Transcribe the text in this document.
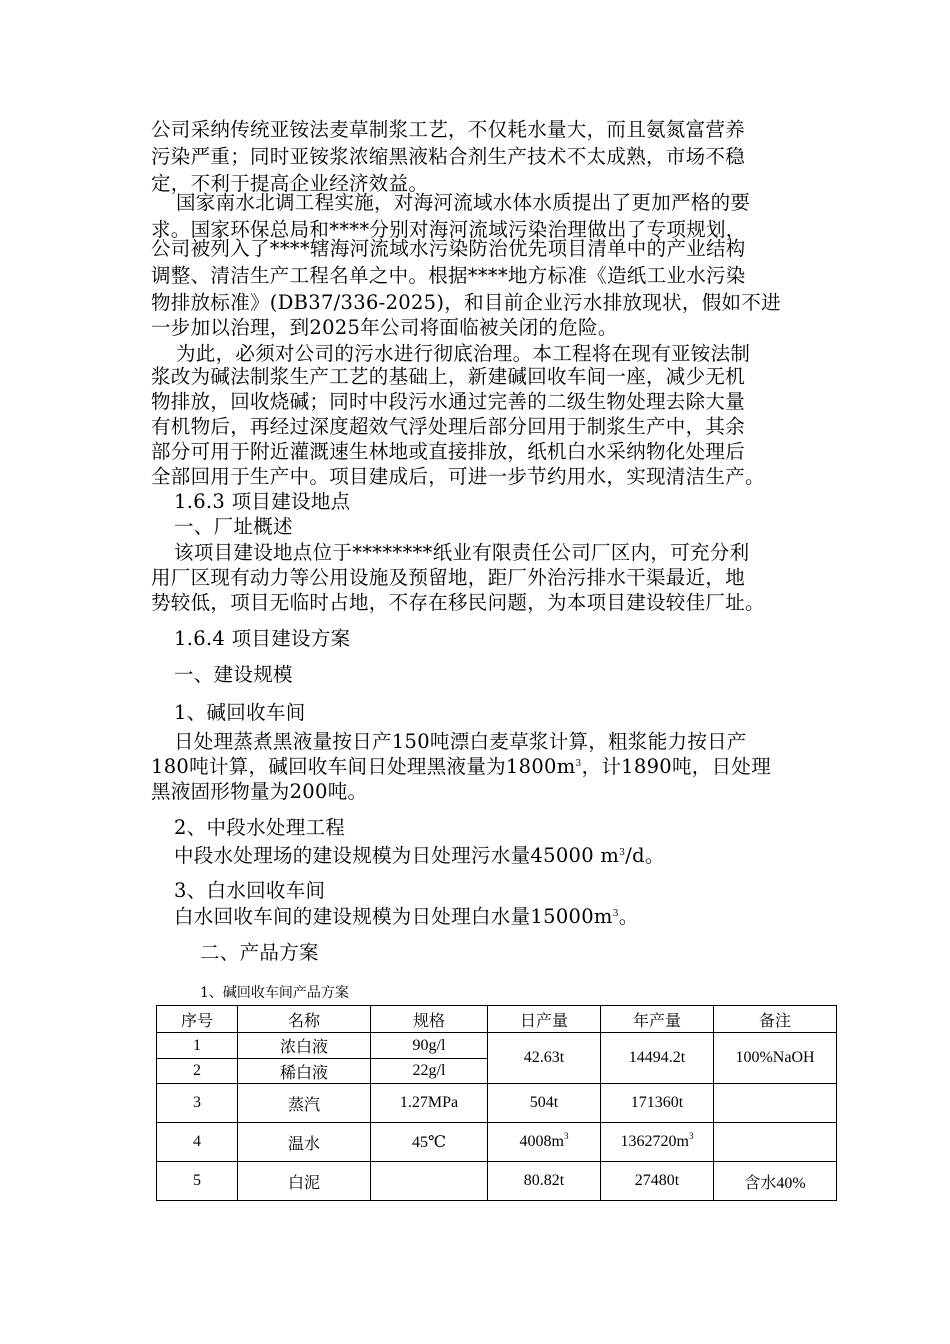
公司采纳传统亚铵法麦草制浆工艺，不仅耗水量大，而且氨氮富营养
污染严重；同时亚铵浆浓缩黑液粘合剂生产技术不太成熟，市场不稳
定，不利于提高企业经济效益。
国家南水北调工程实施，对海河流域水体水质提出了更加严格的要
求。国家环保总局和****分别对海河流域污染治理做出了专项规划，
公司被列入了****辖海河流域水污染防治优先项目清单中的产业结构
调整、清洁生产工程名单之中。根据****地方标准《造纸工业水污染
物排放标准》(DB37/336-2025)，和目前企业污水排放现状，假如不进
一步加以治理，到2025年公司将面临被关闭的危险。
为此，必须对公司的污水进行彻底治理。本工程将在现有亚铵法制
浆改为碱法制浆生产工艺的基础上，新建碱回收车间一座，减少无机
物排放，回收烧碱；同时中段污水通过完善的二级生物处理去除大量
有机物后，再经过深度超效气浮处理后部分回用于制浆生产中，其余
部分可用于附近灌溉速生林地或直接排放，纸机白水采纳物化处理后
全部回用于生产中。项目建成后，可进一步节约用水，实现清洁生产。
1.6.3 项目建设地点
一、厂址概述
该项目建设地点位于********纸业有限责任公司厂区内，可充分利
用厂区现有动力等公用设施及预留地，距厂外治污排水干渠最近，地
势较低，项目无临时占地，不存在移民问题，为本项目建设较佳厂址。
1.6.4 项目建设方案
一、建设规模
1、碱回收车间
日处理蒸煮黑液量按日产150吨漂白麦草浆计算，粗浆能力按日产
180吨计算，碱回收车间日处理黑液量为$1800m^3$，计1890吨，日处理
黑液固形物量为200吨。
2、中段水处理工程
中段水处理场的建设规模为日处理污水量45000 $m^3/d$。
3、白水回收车间
白水回收车间的建设规模为日处理白水量$15000m^3$。
二、产品方案
1、碱回收车间产品方案
序号	名称	规格	日产量	年产量	备注
1	浓白液	90g/l	42.63t	14494.2t	100%NaOH
2	稀白液	22g/l			
3	蒸汽	1.27MPa	504t	171360t	
4	温水	45℃	$4008m^3$	$1362720m^3$	
5	白泥		80.82t	27480t	含水40%
